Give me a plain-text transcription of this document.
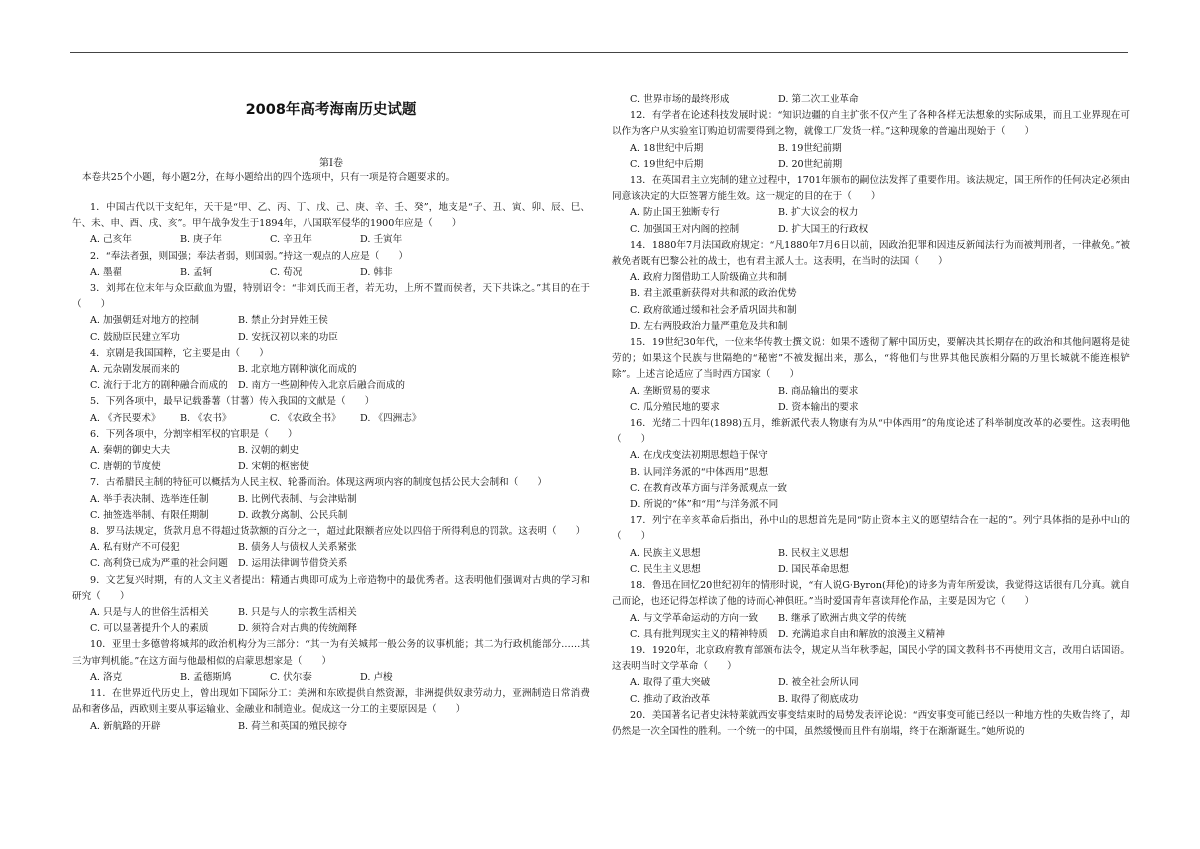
2008年高考海南历史试题
第Ⅰ卷
本卷共25个小题，每小题2分，在每小题给出的四个选项中，只有一项是符合题要求的。

1．中国古代以干支纪年，天干是“甲、乙、丙、丁、戊、己、庚、辛、壬、癸”，地支是“子、丑、寅、卯、辰、巳、午、未、申、酉、戌、亥”。甲午战争发生于1894年，八国联军侵华的1900年应是（　　）

A. 己亥年	B. 庚子年	C. 辛丑年	D. 壬寅年

2．“奉法者强，则国强；奉法者弱，则国弱。”持这一观点的人应是（　　）

A. 墨翟	B. 孟轲	C. 荀况	D. 韩非

3．刘邦在位末年与众臣歃血为盟，特别诏令：“非刘氏而王者，若无功，上所不置而侯者，天下共诛之。”其目的在于（　　）

A. 加强朝廷对地方的控制	B. 禁止分封异姓王侯

C. 鼓励臣民建立军功	D. 安抚汉初以来的功臣

4．京剧是我国国粹，它主要是由（　　）

A. 元杂剧发展而来的	B. 北京地方剧种演化而成的

C. 流行于北方的剧种融合而成的 D. 南方一些剧种传入北京后融合而成的

5．下列各项中，最早记载番薯（甘薯）传入我国的文献是（　　）

A. 《齐民要术》 B. 《农书》	C. 《农政全书》 D. 《四洲志》

6．下列各项中，分割宰相军权的官职是（　　）

A. 秦朝的御史大夫	B. 汉朝的刺史

C. 唐朝的节度使	D. 宋朝的枢密使

7．古希腊民主制的特征可以概括为人民主权、轮番而治。体现这两项内容的制度包括公民大会制和（　　）

A. 举手表决制、选举连任制	B. 比例代表制、与会津贴制

C. 抽签选举制、有限任期制	D. 政教分离制、公民兵制

8．罗马法规定，货款月息不得超过货款额的百分之一，超过此限额者应处以四倍于所得利息的罚款。这表明（　　）

A. 私有财产不可侵犯	B. 债务人与债权人关系紧张

C. 高利贷已成为严重的社会问题 D. 运用法律调节借贷关系

9．文艺复兴时期，有的人文主义者提出：精通古典即可成为上帝造物中的最优秀者。这表明他们强调对古典的学习和研究（　　）

A. 只是与人的世俗生活相关	B. 只是与人的宗教生活相关

C. 可以显著提升个人的素质	D. 须符合对古典的传统阐释

10．亚里士多德曾将城邦的政治机构分为三部分：“其一为有关城邦一般公务的议事机能；其二为行政机能部分……其三为审判机能。”在这方面与他最相似的启蒙思想家是（　　）

A. 洛克	B. 孟德斯鸠	C. 伏尔泰	D. 卢梭

11．在世界近代历史上，曾出现如下国际分工：美洲和东欧提供自然资源，非洲提供奴隶劳动力，亚洲制造日常消费品和奢侈品，西欧则主要从事运输业、金融业和制造业。促成这一分工的主要原因是（　　）

A. 新航路的开辟	B. 荷兰和英国的殖民掠夺

C. 世界市场的最终形成	D. 第二次工业革命

12．有学者在论述科技发展时说：“知识边疆的自主扩张不仅产生了各种各样无法想象的实际成果，而且工业界现在可以作为客户从实验室订购迫切需要得到之物，就像工厂发货一样。”这种现象的普遍出现始于（　　）

A. 18世纪中后期	B. 19世纪前期

C. 19世纪中后期	D. 20世纪前期

13．在英国君主立宪制的建立过程中，1701年颁布的嗣位法发挥了重要作用。该法规定，国王所作的任何决定必须由同意该决定的大臣签署方能生效。这一规定的目的在于（　　）

A. 防止国王独断专行	B. 扩大议会的权力

C. 加强国王对内阁的控制	D. 扩大国王的行政权

14．1880年7月法国政府规定：“凡1880年7月6日以前，因政治犯罪和因违反新闻法行为而被判刑者，一律赦免。”被赦免者既有巴黎公社的战士，也有君主派人士。这表明，在当时的法国（　　）

A. 政府力图借助工人阶级确立共和制

B. 君主派重新获得对共和派的政治优势

C. 政府欲通过缓和社会矛盾巩固共和制

D. 左右两股政治力量严重危及共和制

15．19世纪30年代，一位来华传教士撰文说：如果不透彻了解中国历史，要解决其长期存在的政治和其他问题将是徒劳的；如果这个民族与世隔绝的“秘密”不被发掘出来，那么，“将他们与世界其他民族相分隔的万里长城就不能连根铲除”。上述言论适应了当时西方国家（　　）

A. 垄断贸易的要求	B. 商品输出的要求

C. 瓜分殖民地的要求	D. 资本输出的要求

16．光绪二十四年(1898)五月，维新派代表人物康有为从“中体西用”的角度论述了科举制度改革的必要性。这表明他（　　）

A. 在戊戌变法初期思想趋于保守

B. 认同洋务派的“中体西用”思想

C. 在教育改革方面与洋务派观点一致

D. 所说的“体”和“用”与洋务派不同

17．列宁在辛亥革命后指出，孙中山的思想首先是同“防止资本主义的愿望结合在一起的”。列宁具体指的是孙中山的（　　）

A. 民族主义思想	B. 民权主义思想

C. 民生主义思想	D. 国民革命思想

18．鲁迅在回忆20世纪初年的情形时说，“有人说G·Byron(拜伦)的诗多为青年所爱读，我觉得这话很有几分真。就自己而论，也还记得怎样读了他的诗而心神俱旺。”当时爱国青年喜读拜伦作品，主要是因为它（　　）

A. 与文学革命运动的方向一致 B. 继承了欧洲古典文学的传统

C. 具有批判现实主义的精神特质 D. 充满追求自由和解放的浪漫主义精神

19．1920年，北京政府教育部颁布法令，规定从当年秋季起，国民小学的国文教科书不再使用文言，改用白话国语。这表明当时文学革命（　　）

A. 取得了重大突破	D. 被全社会所认同

C. 推动了政治改革	B. 取得了彻底成功

20．美国著名记者史沫特莱就西安事变结束时的局势发表评论说：“西安事变可能已经以一种地方性的失败告终了，却仍然是一次全国性的胜利。一个统一的中国，虽然缓慢而且件有崩塌，终于在渐渐诞生。”她所说的
